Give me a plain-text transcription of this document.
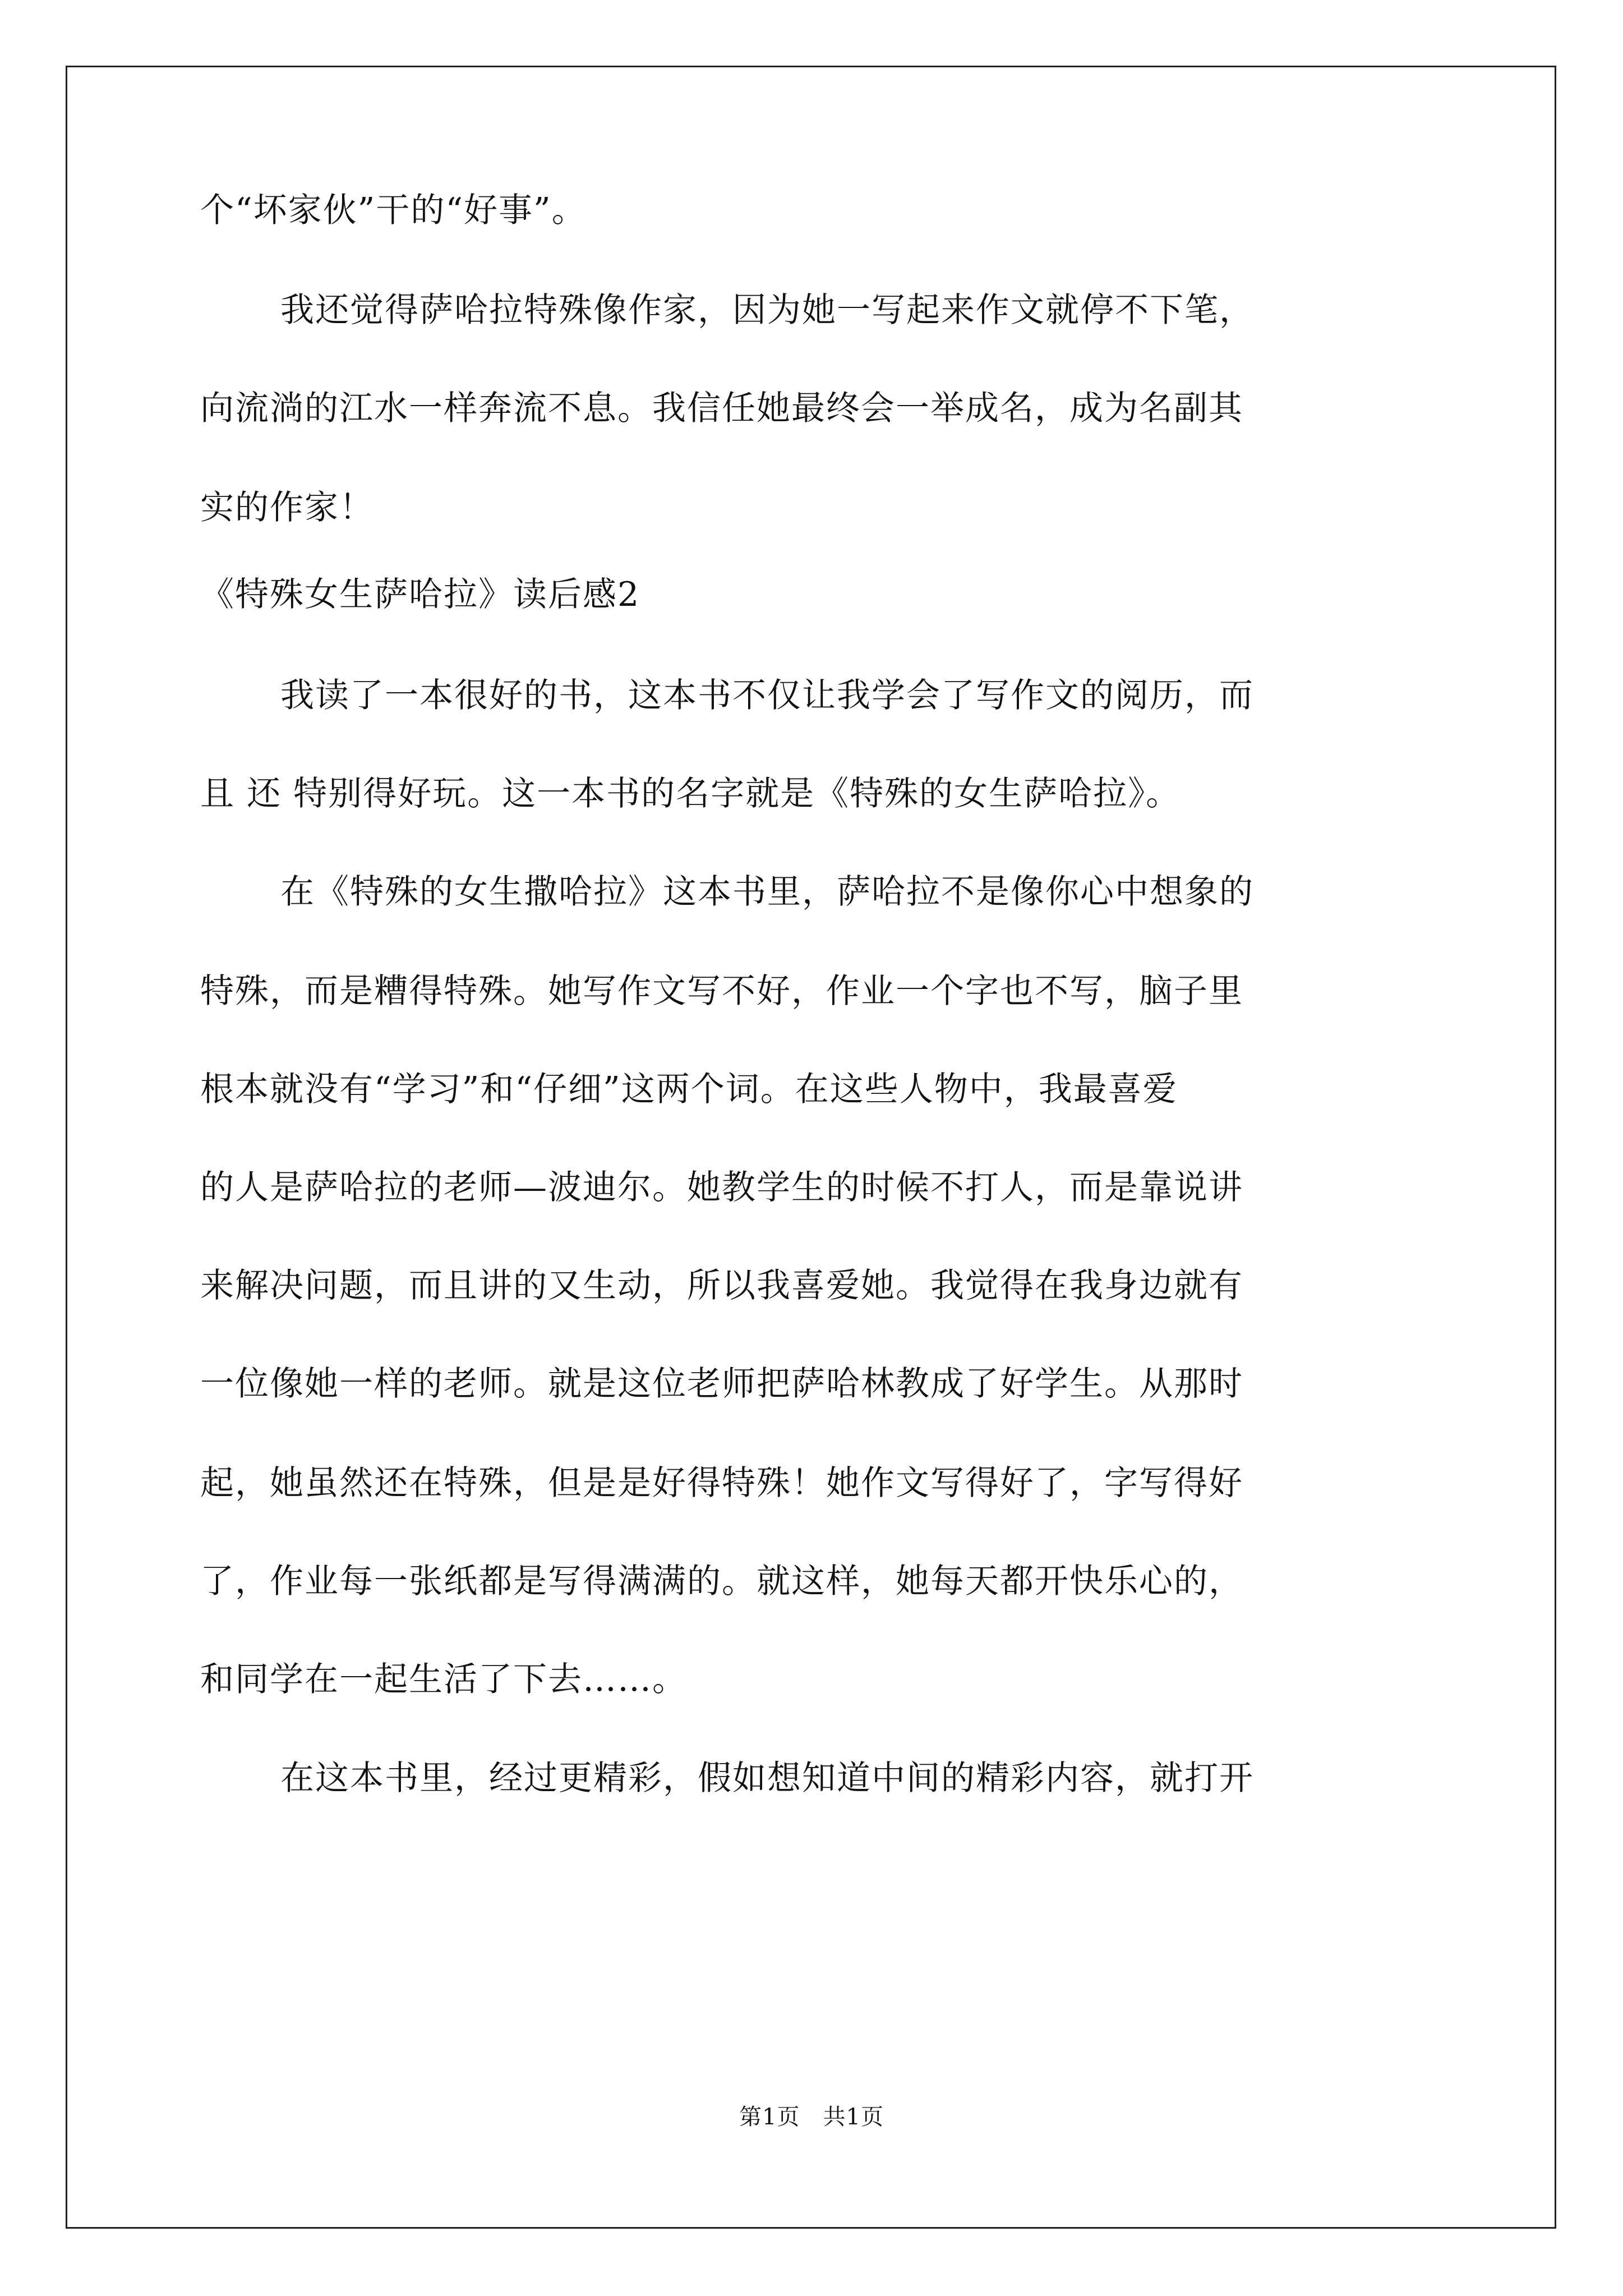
个“坏家伙”干的“好事”。
我还觉得萨哈拉特殊像作家，因为她一写起来作文就停不下笔，
向流淌的江水一样奔流不息。我信任她最终会一举成名，成为名副其
实的作家！
《特殊女生萨哈拉》读后感2
我读了一本很好的书，这本书不仅让我学会了写作文的阅历，而
且 还 特别得好玩。这一本书的名字就是《特殊的女生萨哈拉》。
在《特殊的女生撒哈拉》这本书里，萨哈拉不是像你心中想象的
特殊，而是糟得特殊。她写作文写不好，作业一个字也不写，脑子里
根本就没有“学习”和“仔细”这两个词。在这些人物中，我最喜爱
的人是萨哈拉的老师—波迪尔。她教学生的时候不打人，而是靠说讲
来解决问题，而且讲的又生动，所以我喜爱她。我觉得在我身边就有
一位像她一样的老师。就是这位老师把萨哈林教成了好学生。从那时
起，她虽然还在特殊，但是是好得特殊！她作文写得好了，字写得好
了，作业每一张纸都是写得满满的。就这样，她每天都开快乐心的，
和同学在一起生活了下去……。
在这本书里，经过更精彩，假如想知道中间的精彩内容，就打开
第1页　共1页
